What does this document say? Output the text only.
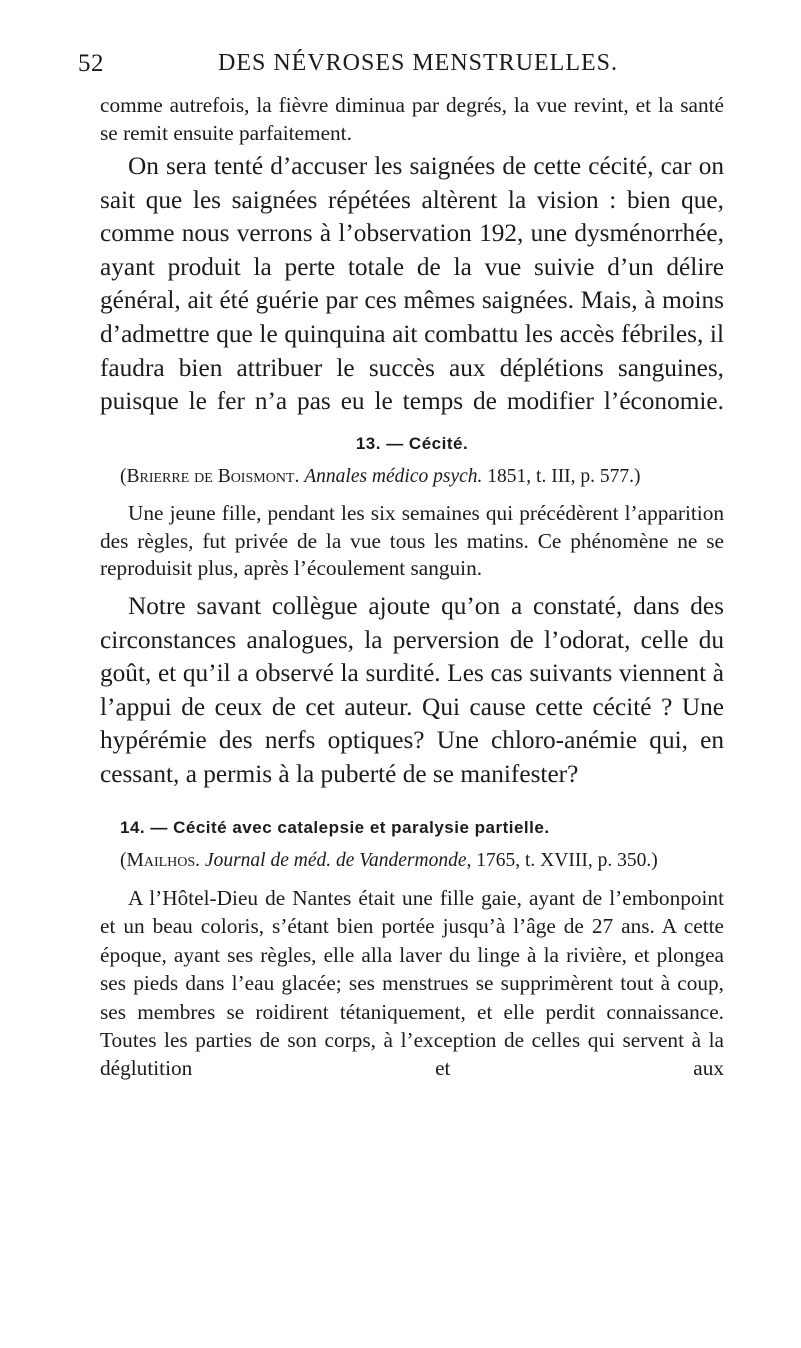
52	DES NÉVROSES MENSTRUELLES.

comme autrefois, la fièvre diminua par degrés, la vue revint, et la santé se remit ensuite parfaitement.

On sera tenté d’accuser les saignées de cette cécité, car on sait que les saignées répétées altèrent la vision : bien que, comme nous verrons à l’observation 192, une dysménorrhée, ayant produit la perte totale de la vue suivie d’un délire général, ait été guérie par ces mêmes saignées. Mais, à moins d’admettre que le quinquina ait combattu les accès fébriles, il faudra bien attribuer le succès aux déplétions sanguines, puisque le fer n’a pas eu le temps de modifier l’économie.

13. — Cécité.
(Brierre de Boismont. Annales médico psych. 1851, t. III, p. 577.)

Une jeune fille, pendant les six semaines qui précédèrent l’apparition des règles, fut privée de la vue tous les matins. Ce phénomène ne se reproduisit plus, après l’écoulement sanguin.

Notre savant collègue ajoute qu’on a constaté, dans des circonstances analogues, la perversion de l’odorat, celle du goût, et qu’il a observé la surdité. Les cas suivants viennent à l’appui de ceux de cet auteur. Qui cause cette cécité ? Une hypérémie des nerfs optiques? Une chloro-anémie qui, en cessant, a permis à la puberté de se manifester?

14. — Cécité avec catalepsie et paralysie partielle.
(Mailhos. Journal de méd. de Vandermonde, 1765, t. XVIII, p. 350.)

A l’Hôtel-Dieu de Nantes était une fille gaie, ayant de l’embonpoint et un beau coloris, s’étant bien portée jusqu’à l’âge de 27 ans. A cette époque, ayant ses règles, elle alla laver du linge à la rivière, et plongea ses pieds dans l’eau glacée; ses menstrues se supprimèrent tout à coup, ses membres se roidirent tétaniquement, et elle perdit connaissance. Toutes les parties de son corps, à l’exception de celles qui servent à la déglutition et aux
